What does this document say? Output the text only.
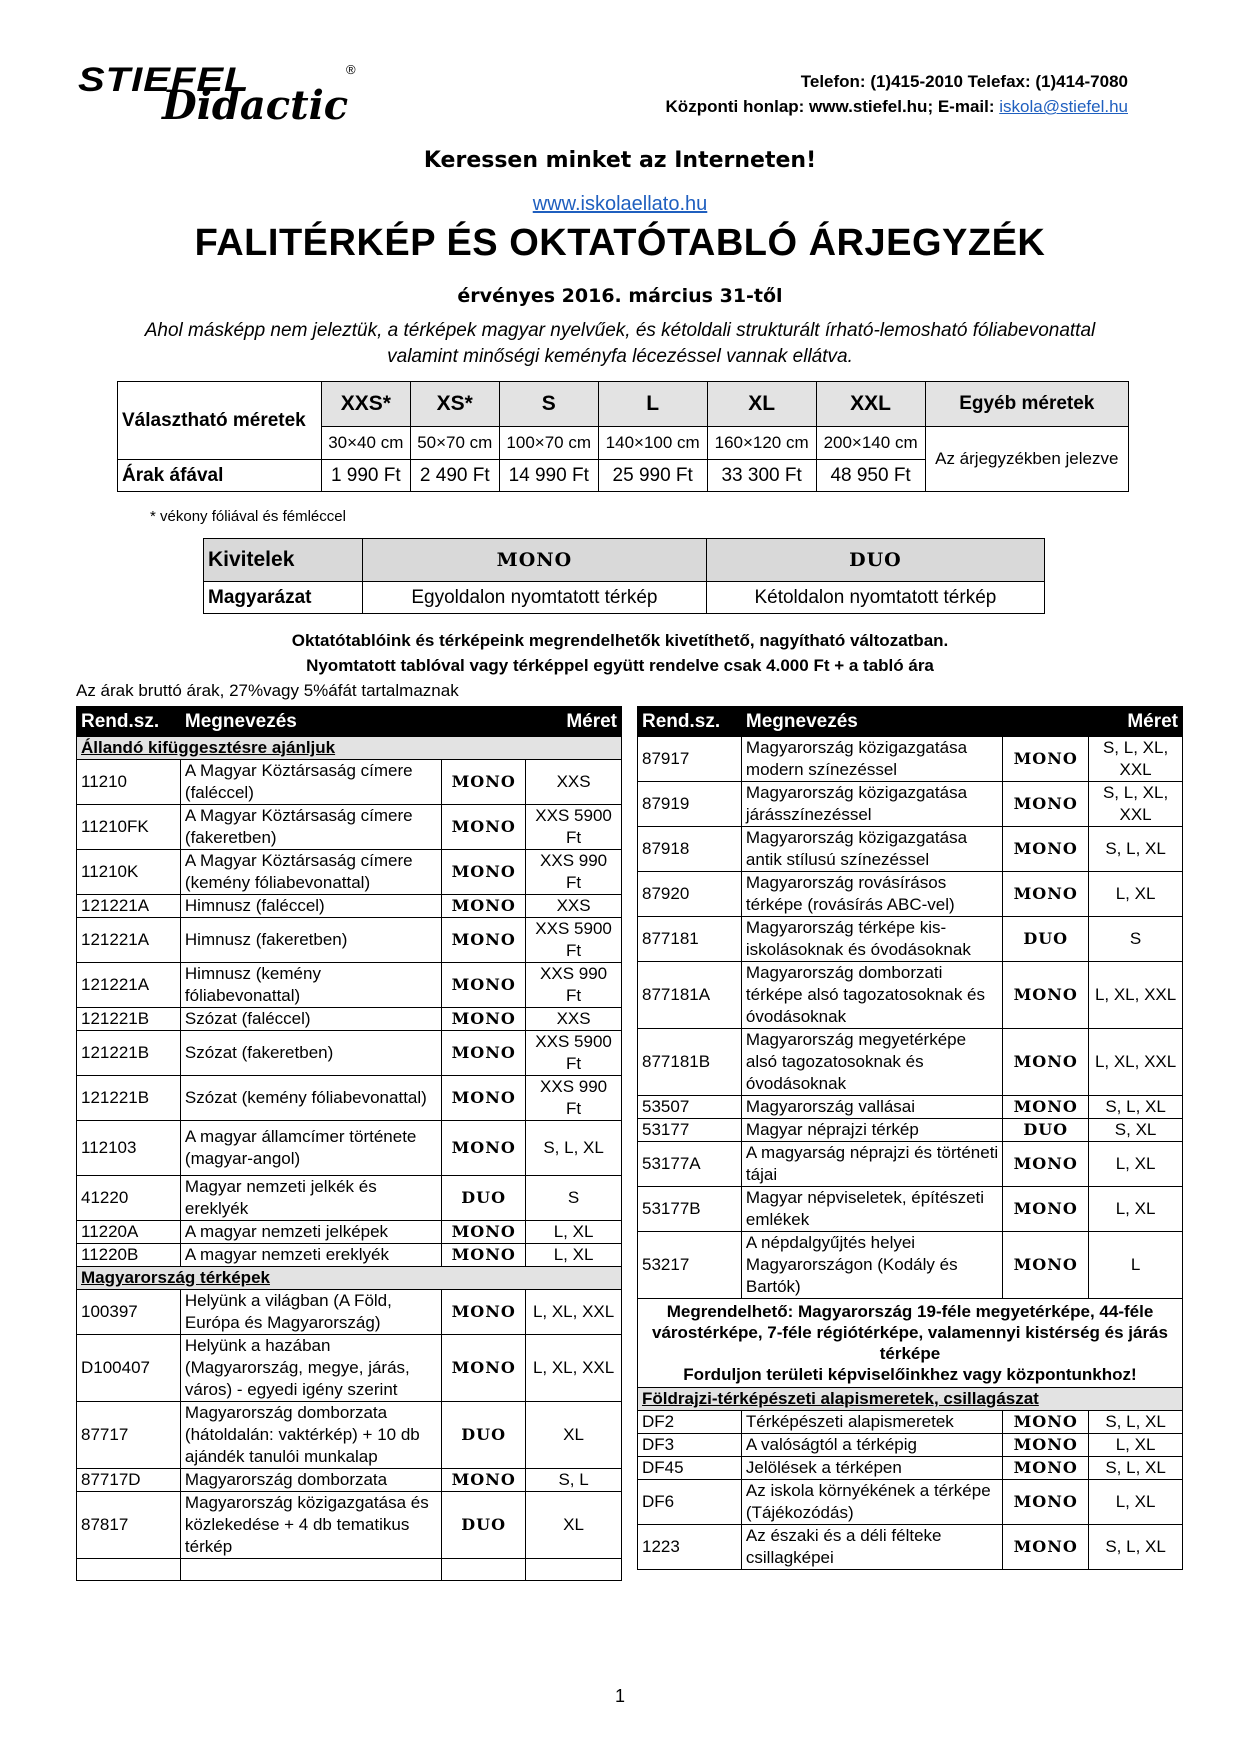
STIEFEL	®
Didactic
Telefon: (1)415-2010 Telefax: (1)414-7080
Központi honlap: www.stiefel.hu; E-mail: iskola@stiefel.hu
Keressen minket az Interneten!
www.iskolaellato.hu
FALITÉRKÉP ÉS OKTATÓTABLÓ ÁRJEGYZÉK
érvényes 2016. március 31-től
Ahol másképp nem jeleztük, a térképek magyar nyelvűek, és kétoldali strukturált írható-lemosható fóliabevonattal
valamint minőségi keményfa lécezéssel vannak ellátva.
Választható méretek	XXS*	XS*	S	L	XL	XXL	Egyéb méretek
	30×40 cm	50×70 cm	100×70 cm	140×100 cm	160×120 cm	200×140 cm	Az árjegyzékben jelezve
Árak áfával	1 990 Ft	2 490 Ft	14 990 Ft	25 990 Ft	33 300 Ft	48 950 Ft	
* vékony fóliával és fémléccel
Kivitelek	MONO	DUO
Magyarázat	Egyoldalon nyomtatott térkép	Kétoldalon nyomtatott térkép
Oktatótablóink és térképeink megrendelhetők kivetíthető, nagyítható változatban.
Nyomtatott tablóval vagy térképpel együtt rendelve csak 4.000 Ft + a tabló ára
Az árak bruttó árak, 27%vagy 5%áfát tartalmaznak
Rend.sz.	Megnevezés		Méret
Állandó kifüggesztésre ajánljuk			
11210	A Magyar Köztársaság címere (faléccel)	MONO	XXS
11210FK	A Magyar Köztársaság címere (fakeretben)	MONO	XXS 5900 Ft
11210K	A Magyar Köztársaság címere (kemény fóliabevonattal)	MONO	XXS 990 Ft
121221A	Himnusz (faléccel)	MONO	XXS
121221A	Himnusz (fakeretben)	MONO	XXS 5900 Ft
121221A	Himnusz (kemény fóliabevonattal)	MONO	XXS 990 Ft
121221B	Szózat (faléccel)	MONO	XXS
121221B	Szózat (fakeretben)	MONO	XXS 5900 Ft
121221B	Szózat (kemény fóliabevonattal)	MONO	XXS 990 Ft
112103	A magyar államcímer története (magyar-angol)	MONO	S, L, XL
41220	Magyar nemzeti jelkék és ereklyék	DUO	S
11220A	A magyar nemzeti jelképek	MONO	L, XL
11220B	A magyar nemzeti ereklyék	MONO	L, XL
Magyarország térképek			
100397	Helyünk a világban (A Föld, Európa és Magyarország)	MONO	L, XL, XXL
D100407	Helyünk a hazában (Magyarország, megye, járás, város) - egyedi igény szerint	MONO	L, XL, XXL
87717	Magyarország domborzata (hátoldalán: vaktérkép) + 10 db ajándék tanulói munkalap	DUO	XL
87717D	Magyarország domborzata	MONO	S, L
87817	Magyarország közigazgatása és közlekedése + 4 db tematikus térkép	DUO	XL

Rend.sz.	Megnevezés		Méret
87917	Magyarország közigazgatása modern színezéssel	MONO	S, L, XL, XXL
87919	Magyarország közigazgatása járásszínezéssel	MONO	S, L, XL, XXL
87918	Magyarország közigazgatása antik stílusú színezéssel	MONO	S, L, XL
87920	Magyarország rovásírásos térképe (rovásírás ABC-vel)	MONO	L, XL
877181	Magyarország térképe kis-iskolásoknak és óvodásoknak	DUO	S
877181A	Magyarország domborzati térképe alsó tagozatosoknak és óvodásoknak	MONO	L, XL, XXL
877181B	Magyarország megyetérképe alsó tagozatosoknak és óvodásoknak	MONO	L, XL, XXL
53507	Magyarország vallásai	MONO	S, L, XL
53177	Magyar néprajzi térkép	DUO	S, XL
53177A	A magyarság néprajzi és történeti tájai	MONO	L, XL
53177B	Magyar népviseletek, építészeti emlékek	MONO	L, XL
53217	A népdalgyűjtés helyei Magyarországon (Kodály és Bartók)	MONO	L

Megrendelhető: Magyarország 19-féle megyetérképe, 44-féle várostérképe, 7-féle régiótérképe, valamennyi kistérség és járás térképe
Forduljon területi képviselőinkhez vagy központunkhoz!			

Földrajzi-térképészeti alapismeretek, csillagászat			
DF2	Térképészeti alapismeretek	MONO	S, L, XL
DF3	A valóságtól a térképig	MONO	L, XL
DF45	Jelölések a térképen	MONO	S, L, XL
DF6	Az iskola környékének a térképe (Tájékozódás)	MONO	L, XL
1223	Az északi és a déli félteke csillagképei	MONO	S, L, XL
1
